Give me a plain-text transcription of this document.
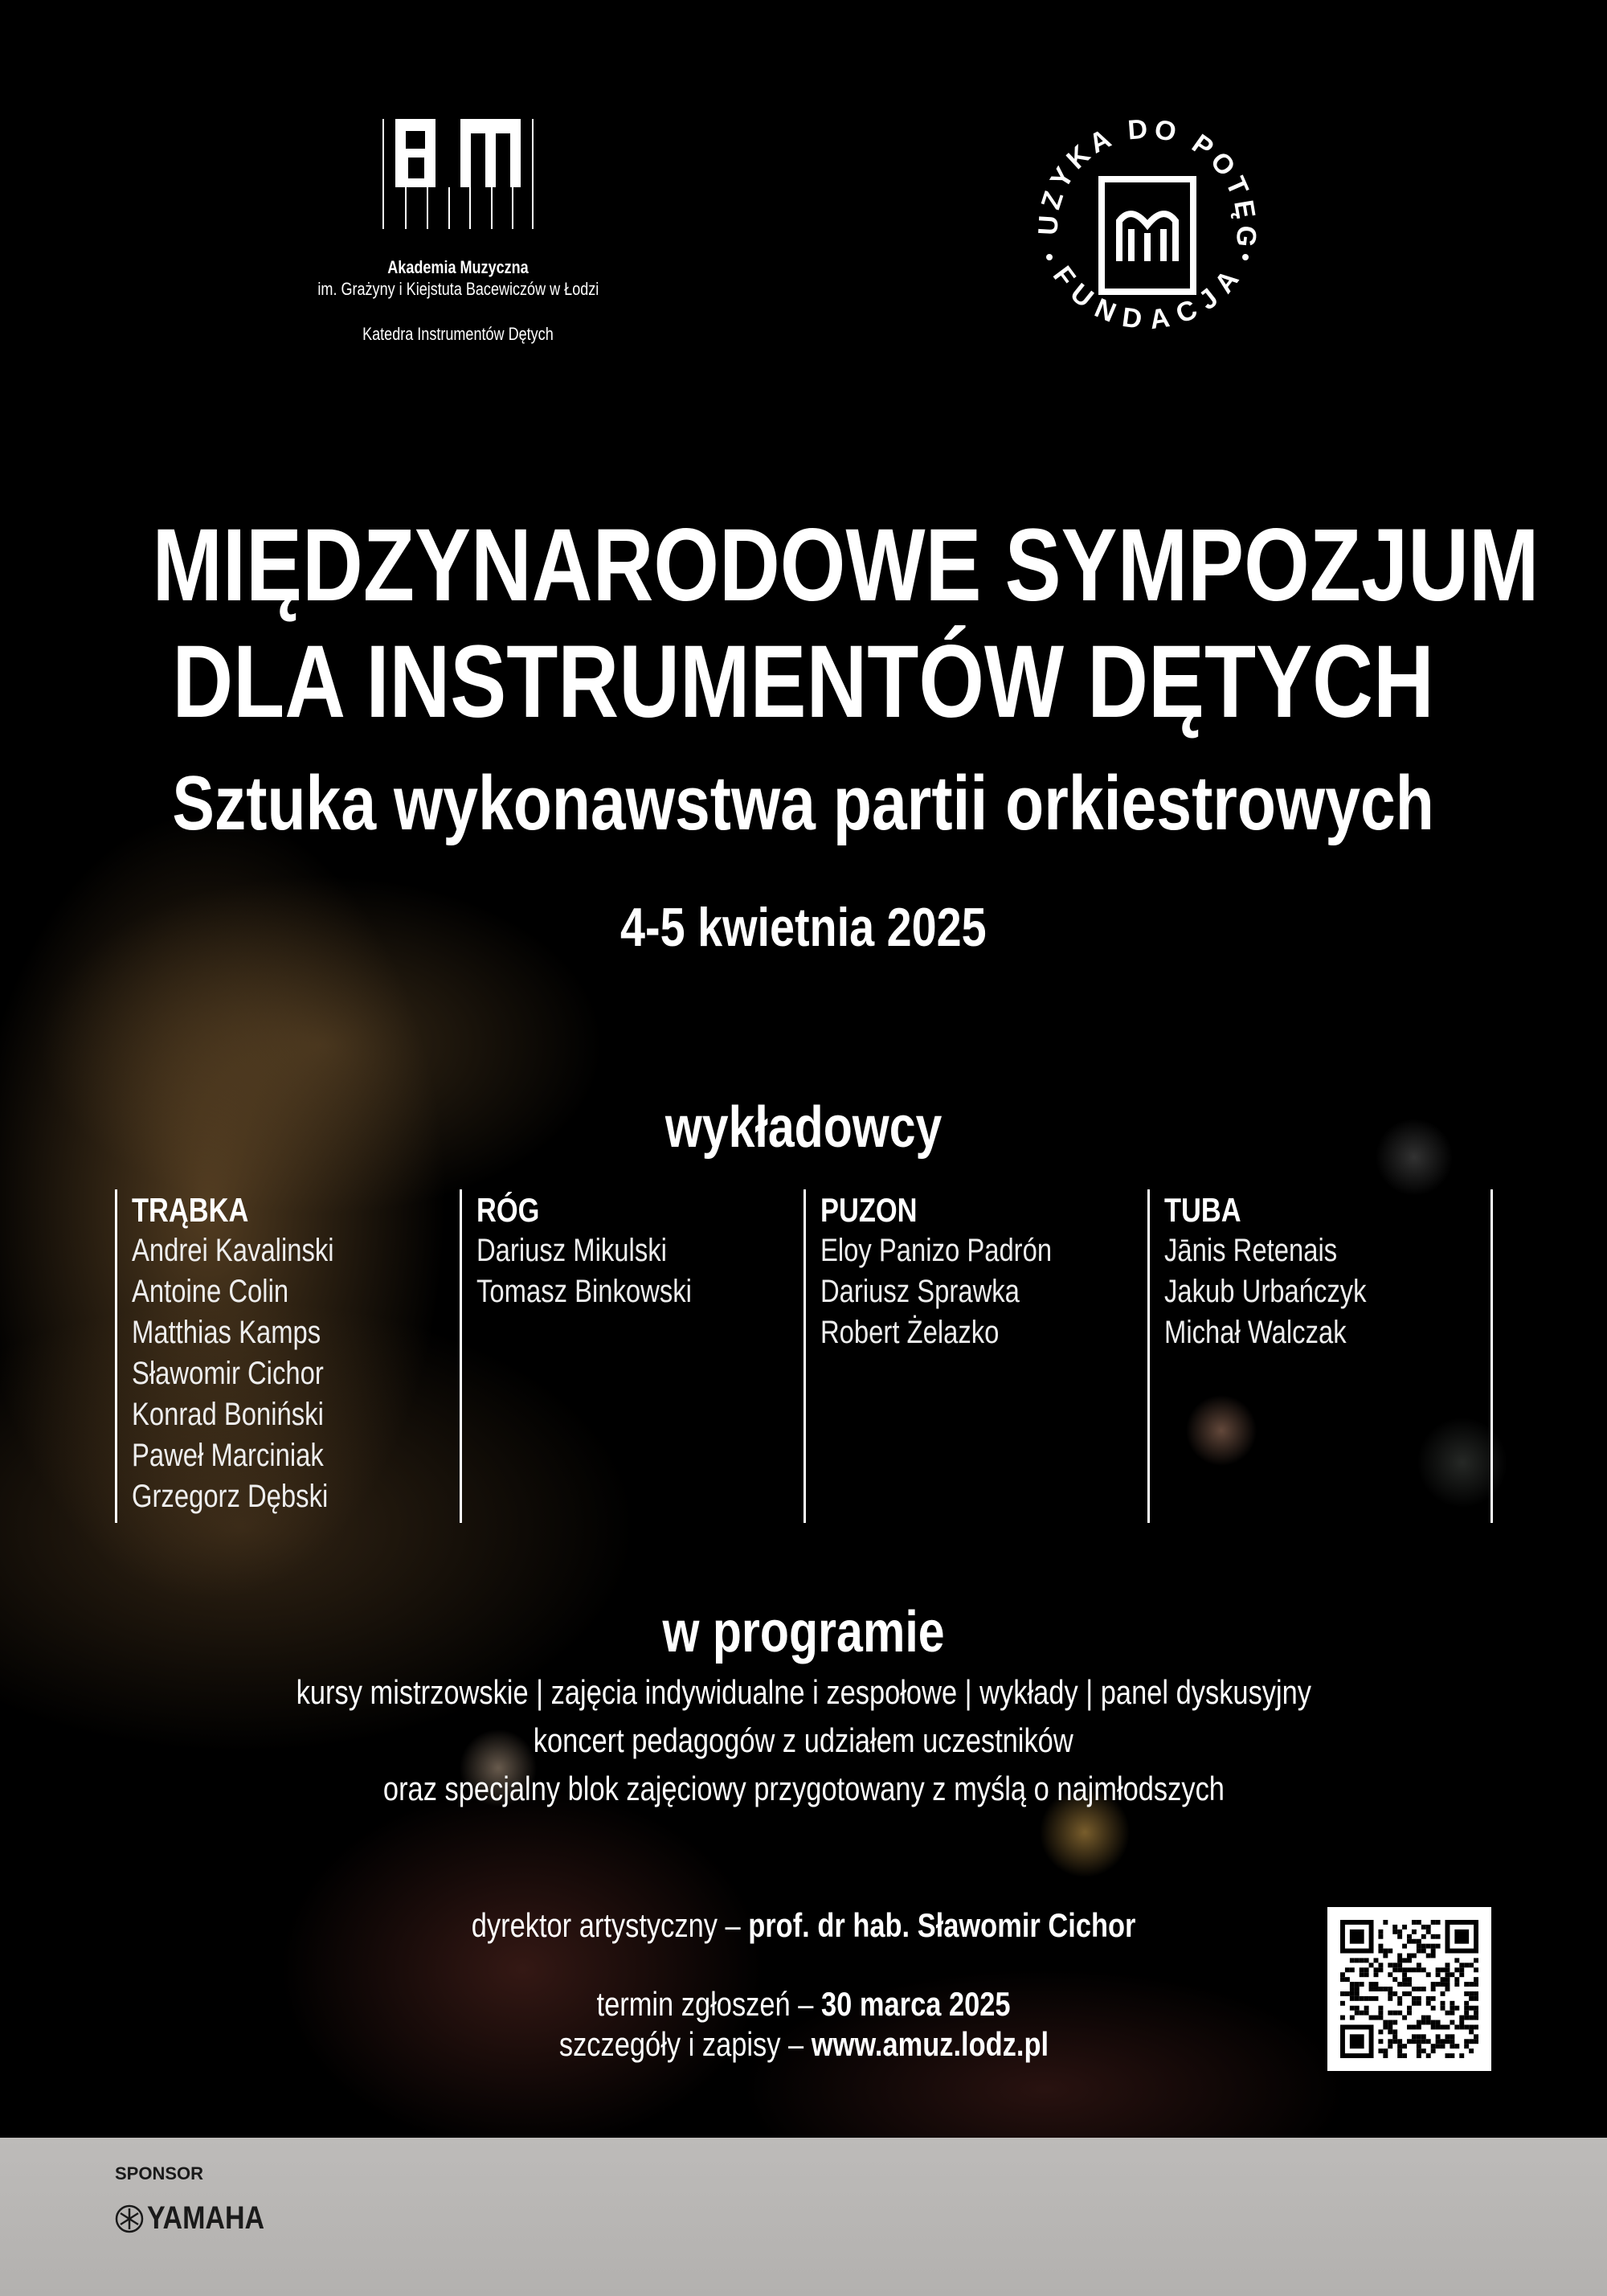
Akademia Muzyczna
im. Grażyny i Kiejstuta Bacewiczów w Łodzi
Katedra Instrumentów Dętych
UZYKA DO POTĘG
FUNDACJA
MIĘDZYNARODOWE SYMPOZJUM
DLA INSTRUMENTÓW DĘTYCH
Sztuka wykonawstwa partii orkiestrowych
4-5 kwietnia 2025
wykładowcy
TRĄBKA
Andrei Kavalinski
Antoine Colin
Matthias Kamps
Sławomir Cichor
Konrad Boniński
Paweł Marciniak
Grzegorz Dębski
RÓG
Dariusz Mikulski
Tomasz Binkowski
PUZON
Eloy Panizo Padrón
Dariusz Sprawka
Robert Żelazko
TUBA
Jānis Retenais
Jakub Urbańczyk
Michał Walczak
w programie
kursy mistrzowskie | zajęcia indywidualne i zespołowe | wykłady | panel dyskusyjny
koncert pedagogów z udziałem uczestników
oraz specjalny blok zajęciowy przygotowany z myślą o najmłodszych
dyrektor artystyczny – prof. dr hab. Sławomir Cichor
termin zgłoszeń – 30 marca 2025
szczegóły i zapisy – www.amuz.lodz.pl
SPONSOR
YAMAHA
